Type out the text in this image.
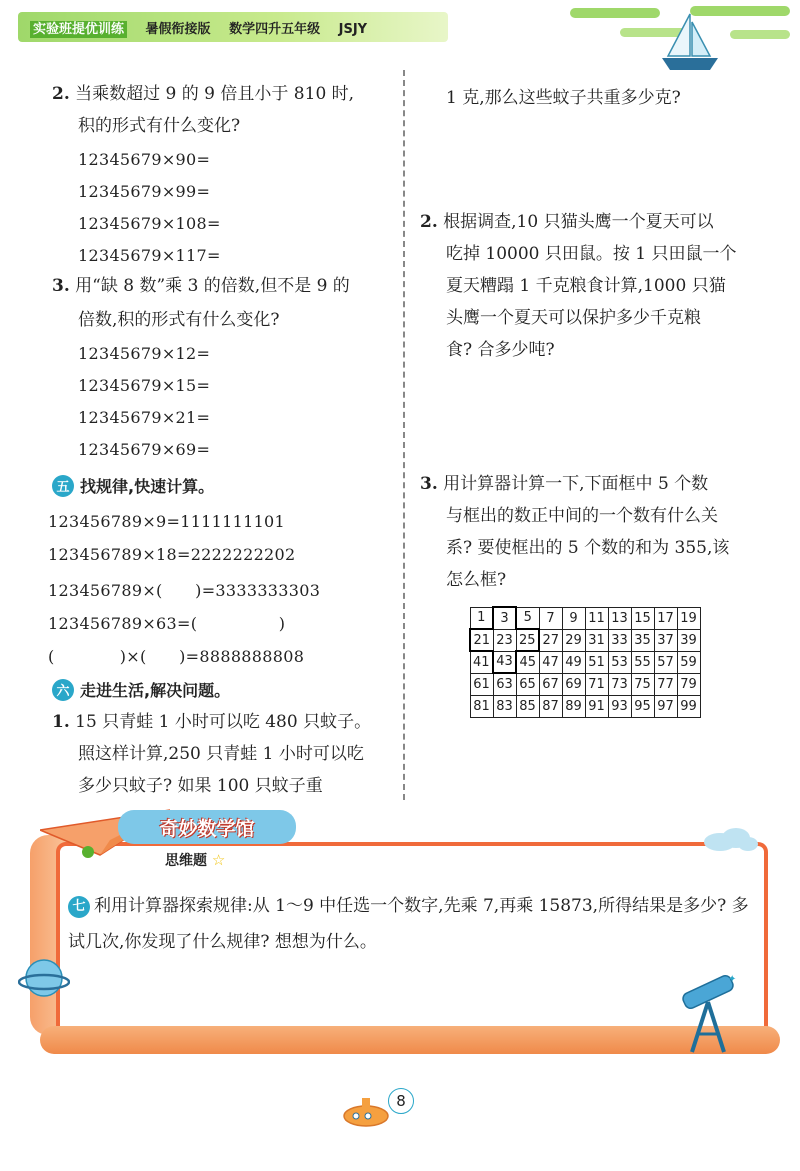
实验班提优训练 暑假衔接版 数学四升五年级 JSJY
2. 当乘数超过 9 的 9 倍且小于 810 时,
积的形式有什么变化?
12345679×90=
12345679×99=
12345679×108=
12345679×117=
3. 用“缺 8 数”乘 3 的倍数,但不是 9 的
倍数,积的形式有什么变化?
12345679×12=
12345679×15=
12345679×21=
12345679×69=
五 找规律,快速计算。
123456789×9=1111111101
123456789×18=2222222202
123456789×(　　)=3333333303
123456789×63=(　　　　　)
(　　　　)×(　　)=8888888808
六 走进生活,解决问题。
1. 15 只青蛙 1 小时可以吃 480 只蚊子。
照这样计算,250 只青蛙 1 小时可以吃
多少只蚊子? 如果 100 只蚊子重
1 克,那么这些蚊子共重多少克?
2. 根据调查,10 只猫头鹰一个夏天可以
吃掉 10000 只田鼠。按 1 只田鼠一个
夏天糟蹋 1 千克粮食计算,1000 只猫
头鹰一个夏天可以保护多少千克粮
食? 合多少吨?
3. 用计算器计算一下,下面框中 5 个数
与框出的数正中间的一个数有什么关
系? 要使框出的 5 个数的和为 355,该
怎么框?
1	3	5	7	9	11	13	15	17	19
21	23	25	27	29	31	33	35	37	39
41	43	45	47	49	51	53	55	57	59
61	63	65	67	69	71	73	75	77	79
81	83	85	87	89	91	93	95	97	99
奇妙数学馆
思维题 ☆
七 利用计算器探索规律:从 1～9 中任选一个数字,先乘 7,再乘 15873,所得结果是多少? 多试几次,你发现了什么规律? 想想为什么。
✦
8
